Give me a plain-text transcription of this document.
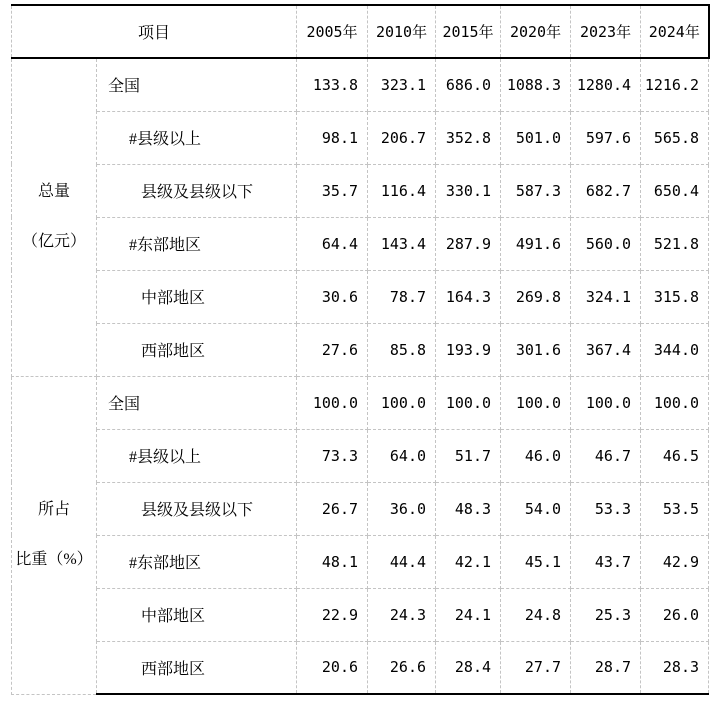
项目		2005年	2010年	2015年	2020年	2023年	2024年

总量
（亿元）	全国	133.8	323.1	686.0	1088.3	1280.4	1216.2
	#县级以上	98.1	206.7	352.8	501.0	597.6	565.8
	县级及县级以下	35.7	116.4	330.1	587.3	682.7	650.4
	#东部地区	64.4	143.4	287.9	491.6	560.0	521.8
	中部地区	30.6	78.7	164.3	269.8	324.1	315.8
	西部地区	27.6	85.8	193.9	301.6	367.4	344.0

所占
比重（%）	全国	100.0	100.0	100.0	100.0	100.0	100.0
	#县级以上	73.3	64.0	51.7	46.0	46.7	46.5
	县级及县级以下	26.7	36.0	48.3	54.0	53.3	53.5
	#东部地区	48.1	44.4	42.1	45.1	43.7	42.9
	中部地区	22.9	24.3	24.1	24.8	25.3	26.0
	西部地区	20.6	26.6	28.4	27.7	28.7	28.3
